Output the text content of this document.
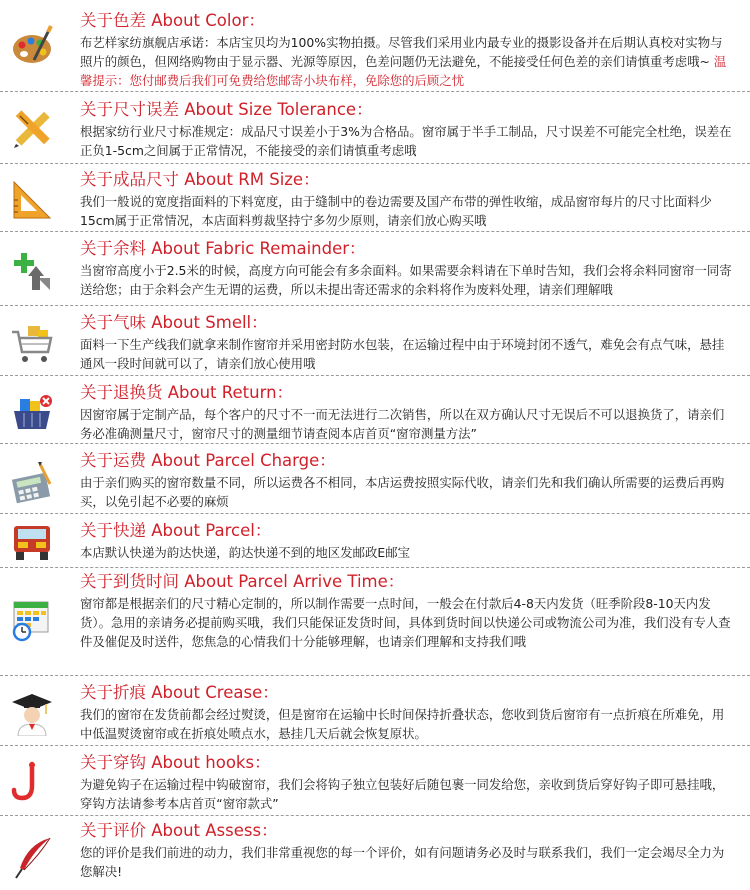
关于色差 About Color：
布艺样家纺旗舰店承诺：本店宝贝均为100%实物拍摄。尽管我们采用业内最专业的摄影设备并在后期认真校对实物与照片的颜色，但网络购物由于显示器、光源等原因，色差问题仍无法避免，不能接受任何色差的亲们请慎重考虑哦~ 温馨提示：您付邮费后我们可免费给您邮寄小块布样，免除您的后顾之忧
关于尺寸误差 About Size Tolerance：
根据家纺行业尺寸标准规定：成品尺寸误差小于3%为合格品。窗帘属于半手工制品，尺寸误差不可能完全杜绝，误差在正负1-5cm之间属于正常情况，不能接受的亲们请慎重考虑哦
关于成品尺寸 About RM Size：
我们一般说的宽度指面料的下料宽度，由于缝制中的卷边需要及国产布带的弹性收缩，成品窗帘每片的尺寸比面料少15cm属于正常情况，本店面料剪裁坚持宁多勿少原则，请亲们放心购买哦
关于余料 About Fabric Remainder：
当窗帘高度小于2.5米的时候，高度方向可能会有多余面料。如果需要余料请在下单时告知，我们会将余料同窗帘一同寄送给您；由于余料会产生无谓的运费，所以未提出寄还需求的余料将作为废料处理，请亲们理解哦
关于气味 About Smell：
面料一下生产线我们就拿来制作窗帘并采用密封防水包装，在运输过程中由于环境封闭不透气，难免会有点气味，悬挂通风一段时间就可以了，请亲们放心使用哦
关于退换货 About Return：
因窗帘属于定制产品，每个客户的尺寸不一而无法进行二次销售，所以在双方确认尺寸无误后不可以退换货了，请亲们务必准确测量尺寸，窗帘尺寸的测量细节请查阅本店首页“窗帘测量方法”
关于运费 About Parcel Charge：
由于亲们购买的窗帘数量不同，所以运费各不相同，本店运费按照实际代收，请亲们先和我们确认所需要的运费后再购买，以免引起不必要的麻烦
关于快递 About Parcel：
本店默认快递为韵达快递，韵达快递不到的地区发邮政E邮宝
关于到货时间 About Parcel Arrive Time：
窗帘都是根据亲们的尺寸精心定制的，所以制作需要一点时间，一般会在付款后4-8天内发货（旺季阶段8-10天内发货）。急用的亲请务必提前购买哦，我们只能保证发货时间，具体到货时间以快递公司或物流公司为准，我们没有专人查件及催促及时送件，您焦急的心情我们十分能够理解，也请亲们理解和支持我们哦
关于折痕 About Crease：
我们的窗帘在发货前都会经过熨烫，但是窗帘在运输中长时间保持折叠状态，您收到货后窗帘有一点折痕在所难免，用中低温熨烫窗帘或在折痕处喷点水，悬挂几天后就会恢复原状。
关于穿钩 About hooks：
为避免钩子在运输过程中钩破窗帘，我们会将钩子独立包装好后随包裹一同发给您，亲收到货后穿好钩子即可悬挂哦，穿钩方法请参考本店首页“窗帘款式”
关于评价 About Assess：
您的评价是我们前进的动力，我们非常重视您的每一个评价，如有问题请务必及时与联系我们，我们一定会竭尽全力为您解决!
